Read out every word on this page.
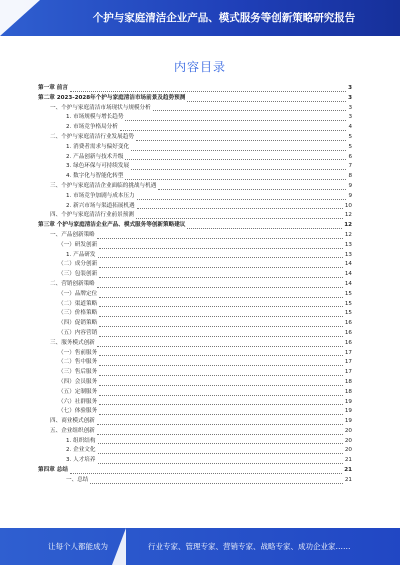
个护与家庭清洁企业产品、模式服务等创新策略研究报告
内容目录
第一章 前言	3
第二章 2023-2028年个护与家庭清洁市场前景及趋势预测	3
一、个护与家庭清洁市场现状与规模分析	3
1. 市场规模与增长趋势	3
2. 市场竞争格局分析	4
二、个护与家庭清洁行业发展趋势	5
1. 消费者需求与偏好变化	5
2. 产品创新与技术升级	6
3. 绿色环保与可持续发展	7
4. 数字化与智能化转型	8
三、个护与家庭清洁企业面临的挑战与机遇	9
1. 市场竞争加剧与成本压力	9
2. 新兴市场与渠道拓展机遇	10
四、个护与家庭清洁行业前景预测	12
第三章 个护与家庭清洁企业产品、模式服务等创新策略建议	12
一、产品创新策略	12
（一）研发创新	13
1. 产品研发	13
（二）成分创新	14
（三）包装创新	14
二、营销创新策略	14
（一）品牌定位	15
（二）渠道策略	15
（三）价格策略	15
（四）促销策略	16
（五）内容营销	16
三、服务模式创新	16
（一）售前服务	17
（二）售中服务	17
（三）售后服务	17
（四）会员服务	18
（五）定制服务	18
（六）社群服务	19
（七）体验服务	19
四、商业模式创新	19
五、企业组织创新	20
1. 组织结构	20
2. 企业文化	20
3. 人才培养	21
第四章 总结	21
一、总结	21
让每个人都能成为	行业专家、管理专家、营销专家、战略专家、成功企业家……
